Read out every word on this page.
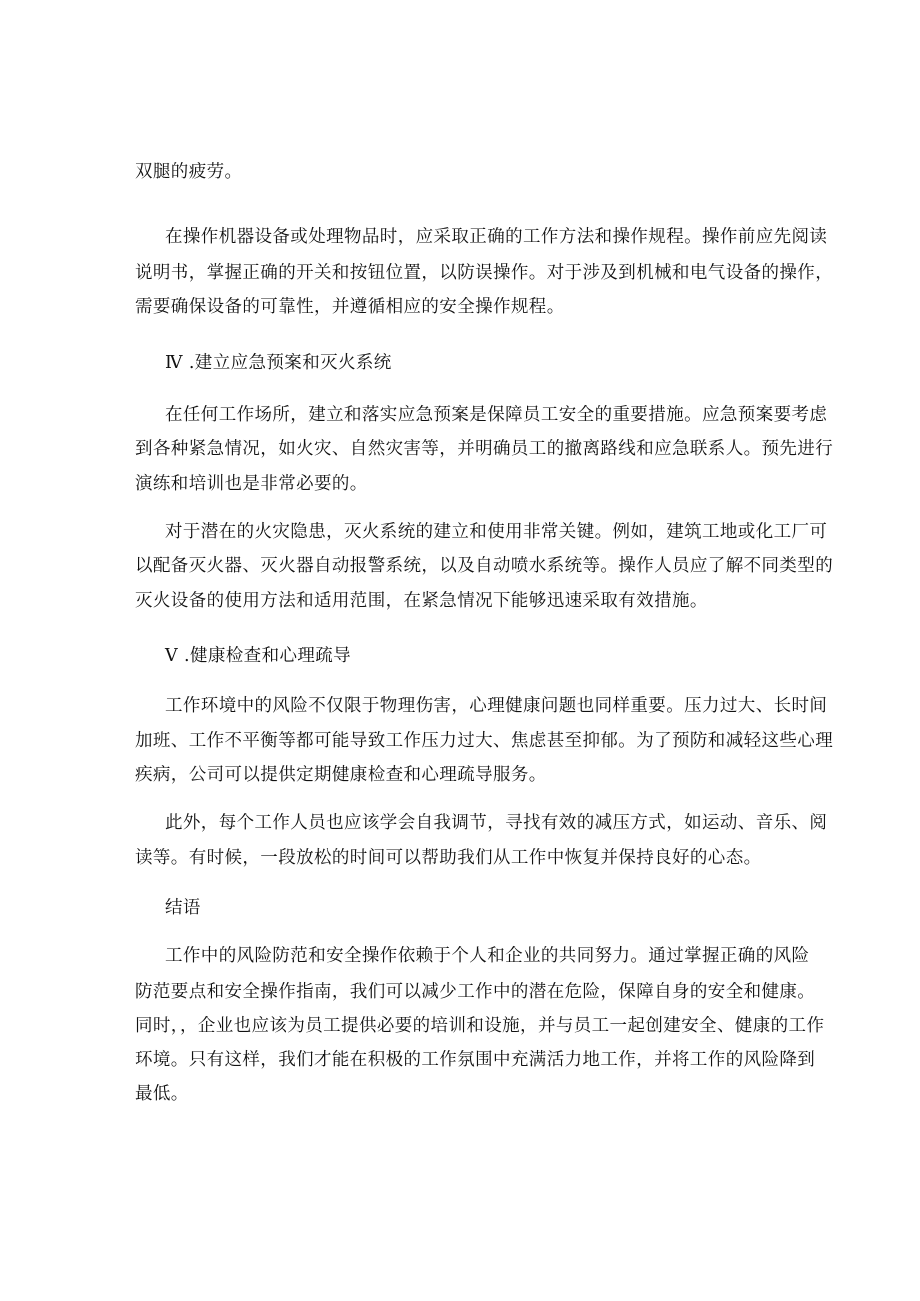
双腿的疲劳。
在操作机器设备或处理物品时，应采取正确的工作方法和操作规程。操作前应先阅读
说明书，掌握正确的开关和按钮位置，以防误操作。对于涉及到机械和电气设备的操作，
需要确保设备的可靠性，并遵循相应的安全操作规程。
Ⅳ .建立应急预案和灭火系统
在任何工作场所，建立和落实应急预案是保障员工安全的重要措施。应急预案要考虑
到各种紧急情况，如火灾、自然灾害等，并明确员工的撤离路线和应急联系人。预先进行
演练和培训也是非常必要的。
对于潜在的火灾隐患，灭火系统的建立和使用非常关键。例如，建筑工地或化工厂可
以配备灭火器、灭火器自动报警系统，以及自动喷水系统等。操作人员应了解不同类型的
灭火设备的使用方法和适用范围，在紧急情况下能够迅速采取有效措施。
Ⅴ .健康检查和心理疏导
工作环境中的风险不仅限于物理伤害，心理健康问题也同样重要。压力过大、长时间
加班、工作不平衡等都可能导致工作压力过大、焦虑甚至抑郁。为了预防和减轻这些心理
疾病，公司可以提供定期健康检查和心理疏导服务。
此外，每个工作人员也应该学会自我调节，寻找有效的减压方式，如运动、音乐、阅
读等。有时候，一段放松的时间可以帮助我们从工作中恢复并保持良好的心态。
结语
工作中的风险防范和安全操作依赖于个人和企业的共同努力。通过掌握正确的风险
防范要点和安全操作指南，我们可以减少工作中的潜在危险，保障自身的安全和健康。
同时，，企业也应该为员工提供必要的培训和设施，并与员工一起创建安全、健康的工作
环境。只有这样，我们才能在积极的工作氛围中充满活力地工作，并将工作的风险降到
最低。
